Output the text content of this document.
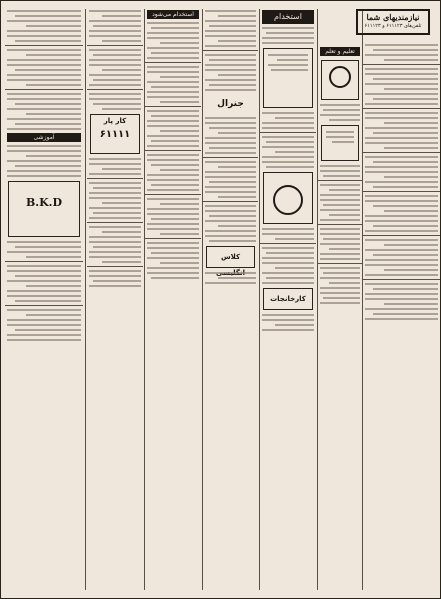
نیازمندیهای شما
تلفن‌های ۶۱۱۱۲۳ و ۶۱۱۱۲۳
تعلیم و تعلم
استخدام
کارخانجات
جنرال
کلاس
استخدام می‌شود
کار پار
۶۱۱۱۱
آموزشی
B.K.D
